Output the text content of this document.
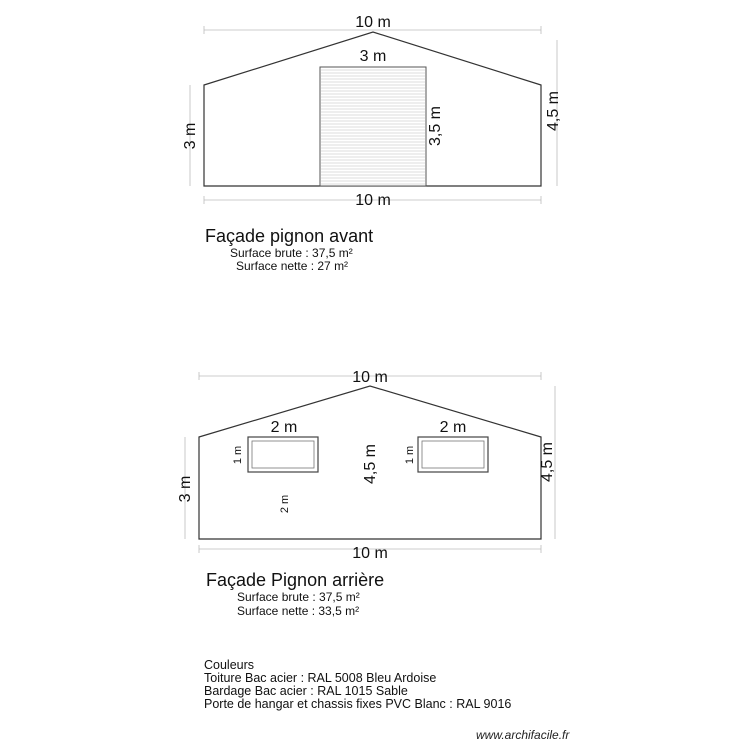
10 m
3 m
3 m	3,5 m	4,5 m
10 m
10 m
2 m	2 m
1 m	1 m
3 m
4,5 m	4,5 m
2 m
10 m
Façade pignon avant
Surface brute : 37,5 m²
Surface nette : 27 m²
Façade Pignon arrière
Surface brute : 37,5 m²
Surface nette : 33,5 m²
Couleurs
Toiture Bac acier : RAL 5008 Bleu Ardoise
Bardage Bac acier : RAL 1015 Sable
Porte de hangar et chassis fixes PVC Blanc : RAL 9016
www.archifacile.fr
